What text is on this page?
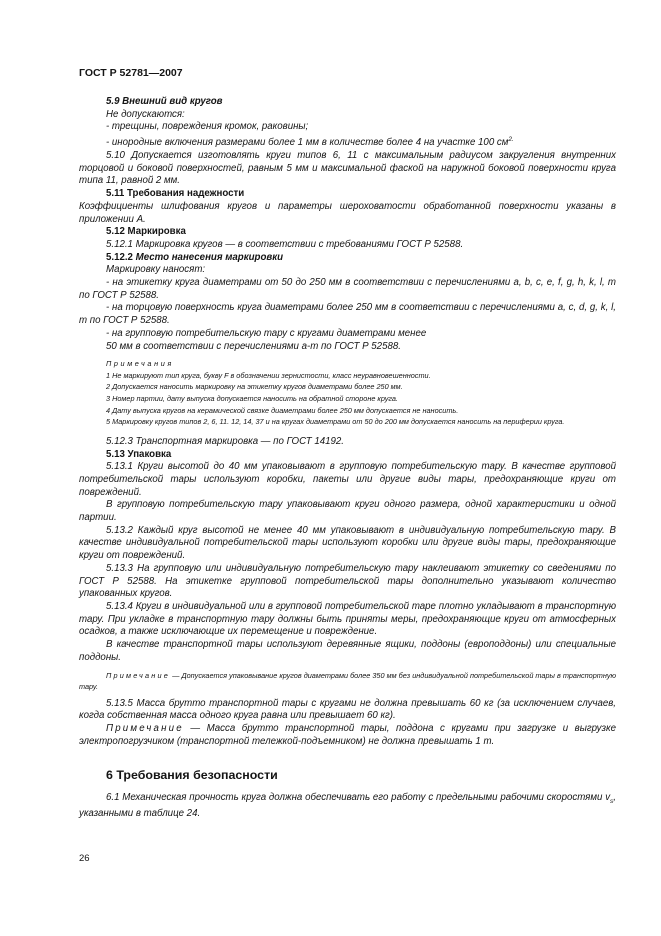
ГОСТ Р 52781—2007

5.9 Внешний вид кругов

Не допускаются:

- трещины, повреждения кромок, раковины;

- инородные включения размерами более 1 мм в количестве более 4 на участке 100 $см^{2.}$

5.10 Допускается изготовлять круги типов 6, 11 с максимальным радиусом закругления внутренних торцовой и боковой поверхностей, равным 5 мм и максимальной фаской на наружной боковой поверхности круга типа 11, равной 2 мм.

5.11 Требования надежности

Коэффициенты шлифования кругов и параметры шероховатости обработанной поверхности указаны в приложении А.

5.12 Маркировка

5.12.1 Маркировка кругов — в соответствии с требованиями ГОСТ Р 52588.

5.12.2 Место нанесения маркировки

Маркировку наносят:

- на этикетку круга диаметрами от 50 до 250 мм в соответствии с перечислениями a, b, c, e, f, g, h, k, l, m по ГОСТ Р 52588.

- на торцовую поверхность круга диаметрами более 250 мм в соответствии с перечислениями a, c, d, g, k, l, m по ГОСТ Р 52588.

- на групповую потребительскую тару с кругами диаметрами менее

50 мм в соответствии с перечислениями a-m по ГОСТ Р 52588.

Примечания

1 Не маркируют тип круга, букву F в обозначении зернистости, класс неуравновешенности.

2 Допускается наносить маркировку на этикетку кругов диаметрами более 250 мм.

3 Номер партии, дату выпуска допускается наносить на обратной стороне круга.

4 Дату выпуска кругов на керамической связке диаметрами более 250 мм допускается не наносить.

5 Маркировку кругов типов 2, 6, 11. 12, 14, 37 и на кругах диаметрами от 50 до 200 мм допускается наносить на периферии круга.

5.12.3 Транспортная маркировка — по ГОСТ 14192.

5.13 Упаковка

5.13.1 Круги высотой до 40 мм упаковывают в групповую потребительскую тару. В качестве групповой потребительской тары используют коробки, пакеты или другие виды тары, предохраняющие круги от повреждений.

В групповую потребительскую тару упаковывают круги одного размера, одной характеристики и одной партии.

5.13.2 Каждый круг высотой не менее 40 мм упаковывают в индивидуальную потребительскую тару. В качестве индивидуальной потребительской тары используют коробки или другие виды тары, предохраняющие круги от повреждений.

5.13.3 На групповую или индивидуальную потребительскую тару наклеивают этикетку со сведениями по ГОСТ Р 52588. На этикетке групповой потребительской тары дополнительно указывают количество упакованных кругов.

5.13.4 Круги в индивидуальной или в групповой потребительской таре плотно укладывают в транспортную тару. При укладке в транспортную тару должны быть приняты меры, предохраняющие круги от атмосферных осадков, а также исключающие их перемещение и повреждение.

В качестве транспортной тары используют деревянные ящики, поддоны (европоддоны) или специальные поддоны.

Примечание — Допускается упаковывание кругов диаметрами более 350 мм без индивидуальной потребительской тары в транспортную тару.

5.13.5 Масса брутто транспортной тары с кругами не должна превышать 60 кг (за исключением случаев, когда собственная масса одного круга равна или превышает 60 кг).

Примечание — Масса брутто транспортной тары, поддона с кругами при загрузке и выгрузке электропогрузчиком (транспортной тележкой-подъемником) не должна превышать 1 т.

6 Требования безопасности

6.1 Механическая прочность круга должна обеспечивать его работу с предельными рабочими скоростями $v_s$, указанными в таблице 24.

26
